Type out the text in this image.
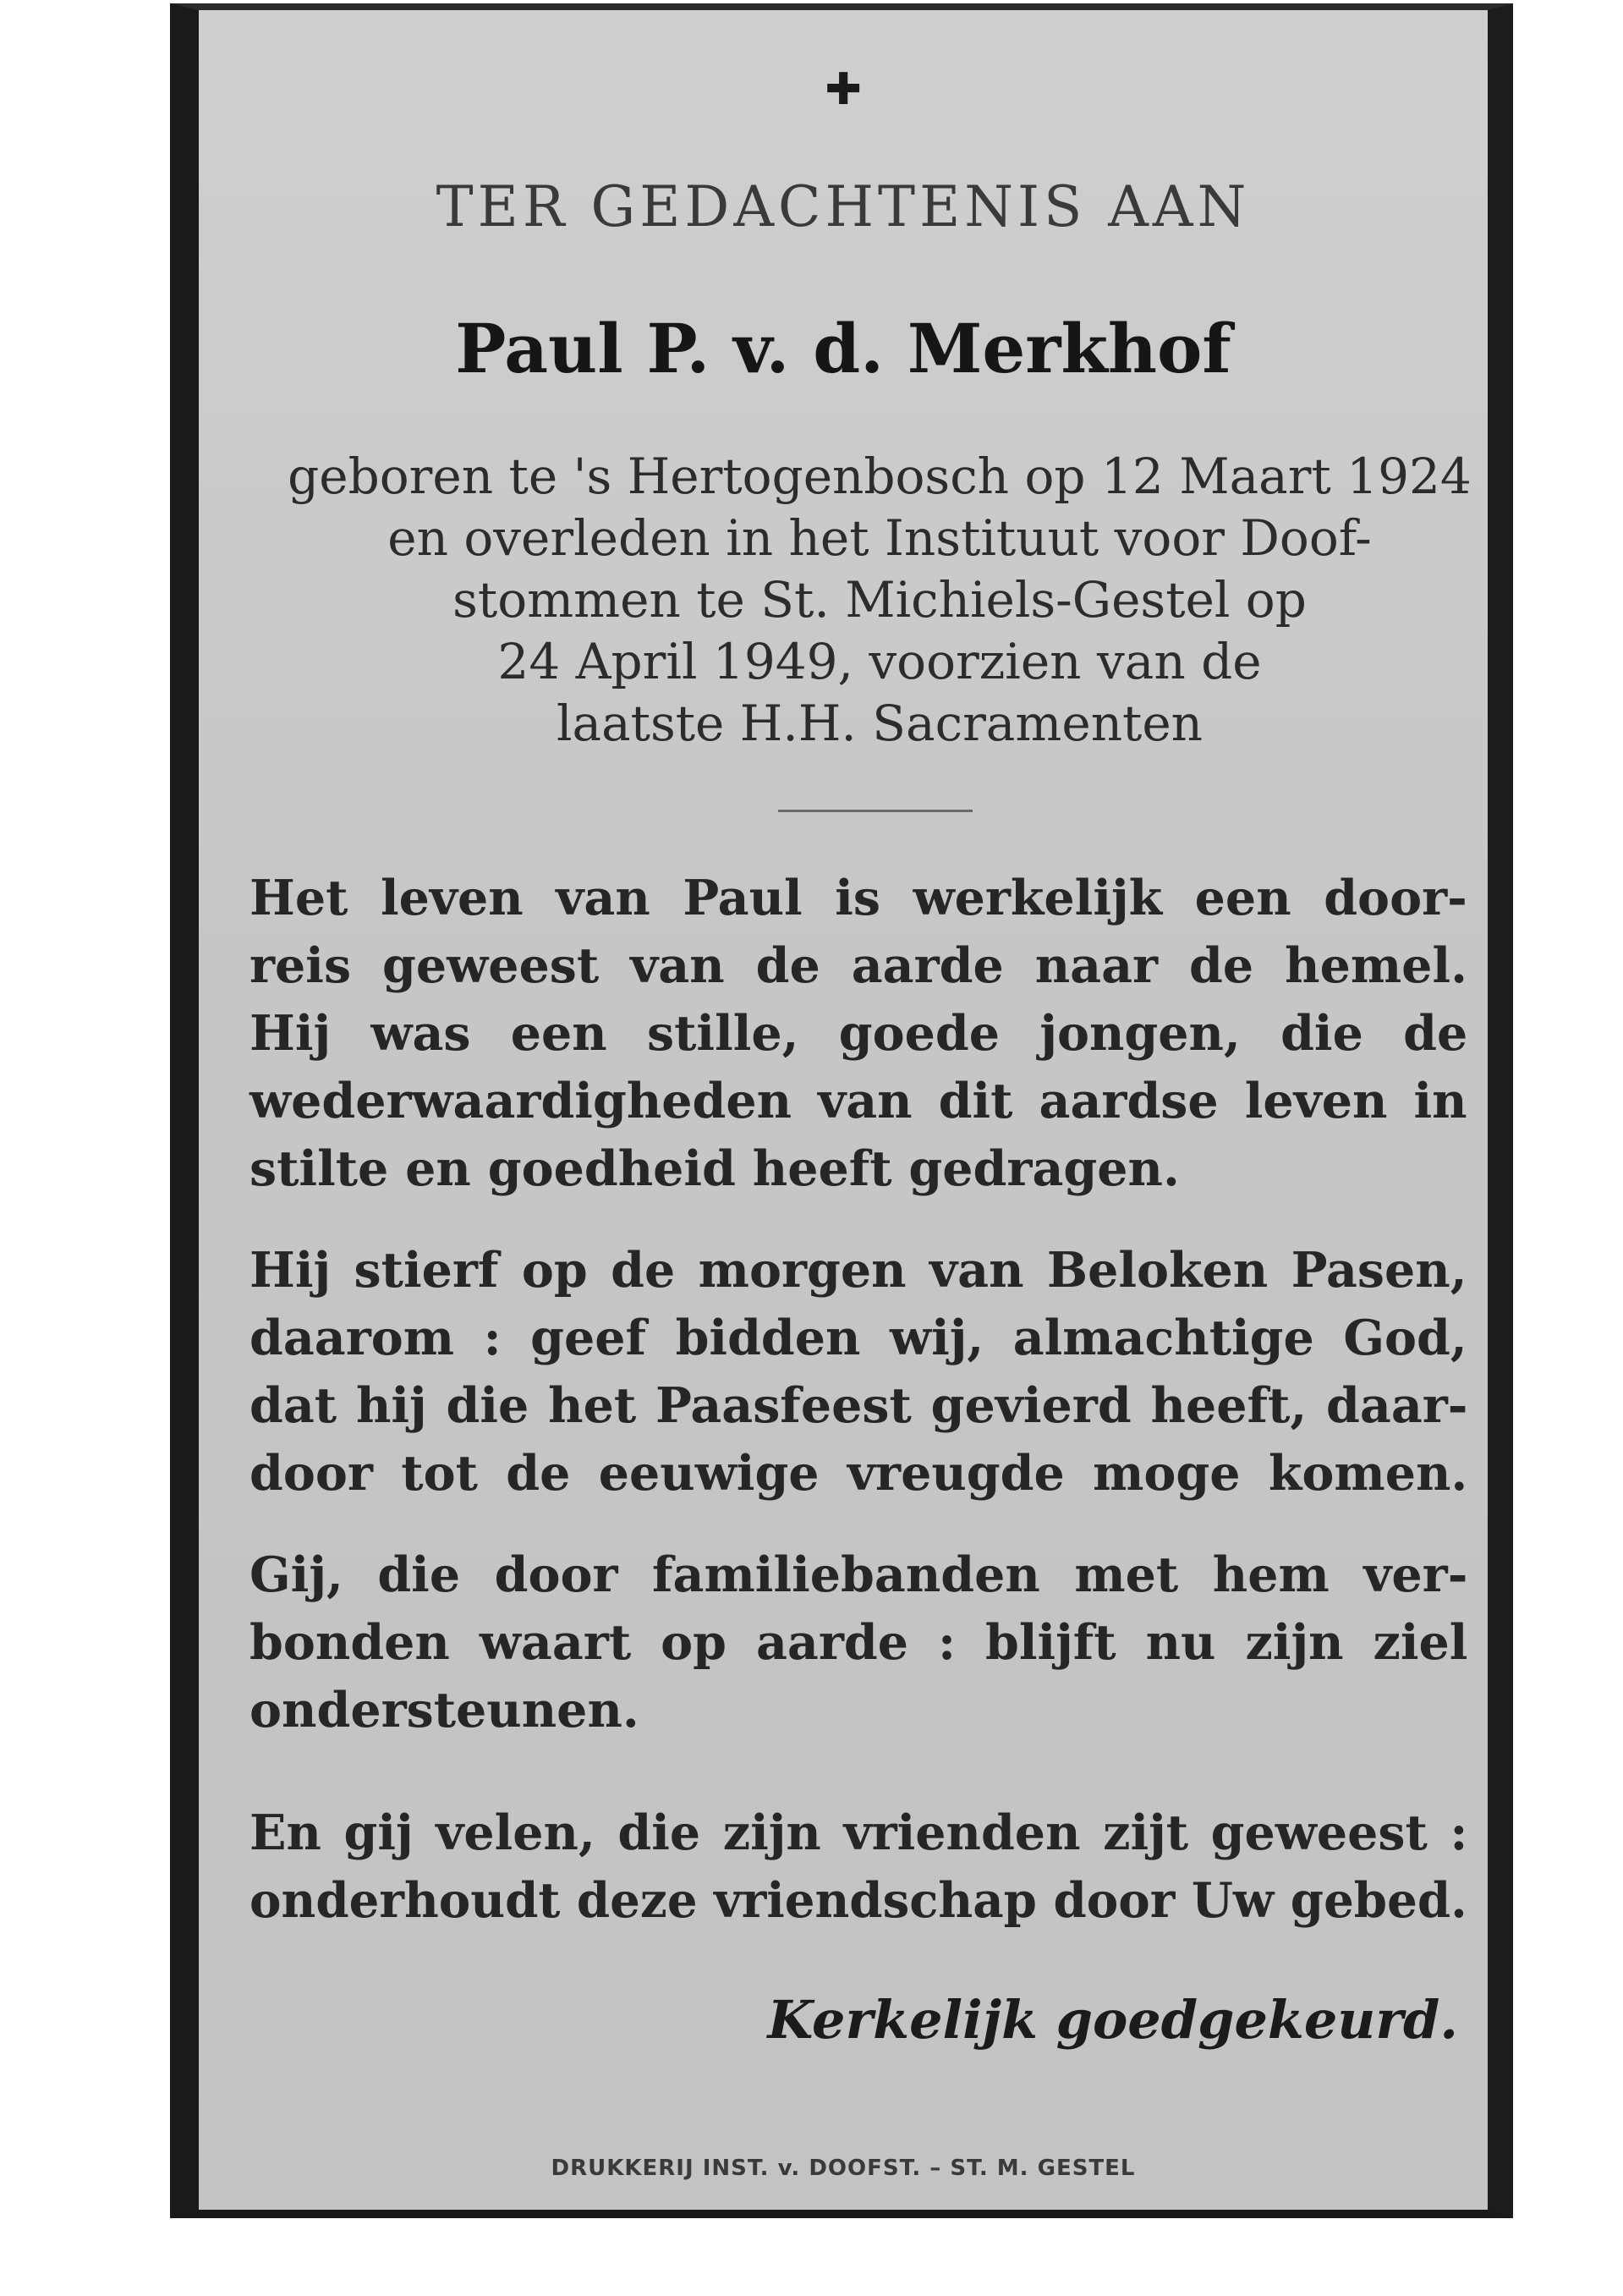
✚
TER GEDACHTENIS AAN
Paul P. v. d. Merkhof
geboren te 's Hertogenbosch op 12 Maart 1924
en overleden in het Instituut voor Doof-
stommen te St. Michiels-Gestel op
24 April 1949, voorzien van de
laatste H.H. Sacramenten
Het leven van Paul is werkelijk een door-
reis geweest van de aarde naar de hemel.
Hij was een stille, goede jongen, die de
wederwaardigheden van dit aardse leven in
stilte en goedheid heeft gedragen.
Hij stierf op de morgen van Beloken Pasen,
daarom : geef bidden wij, almachtige God,
dat hij die het Paasfeest gevierd heeft, daar-
door tot de eeuwige vreugde moge komen.
Gij, die door familiebanden met hem ver-
bonden waart op aarde : blijft nu zijn ziel
ondersteunen.
En gij velen, die zijn vrienden zijt geweest :
onderhoudt deze vriendschap door Uw gebed.
Kerkelijk goedgekeurd.
DRUKKERIJ INST. v. DOOFST. – ST. M. GESTEL
